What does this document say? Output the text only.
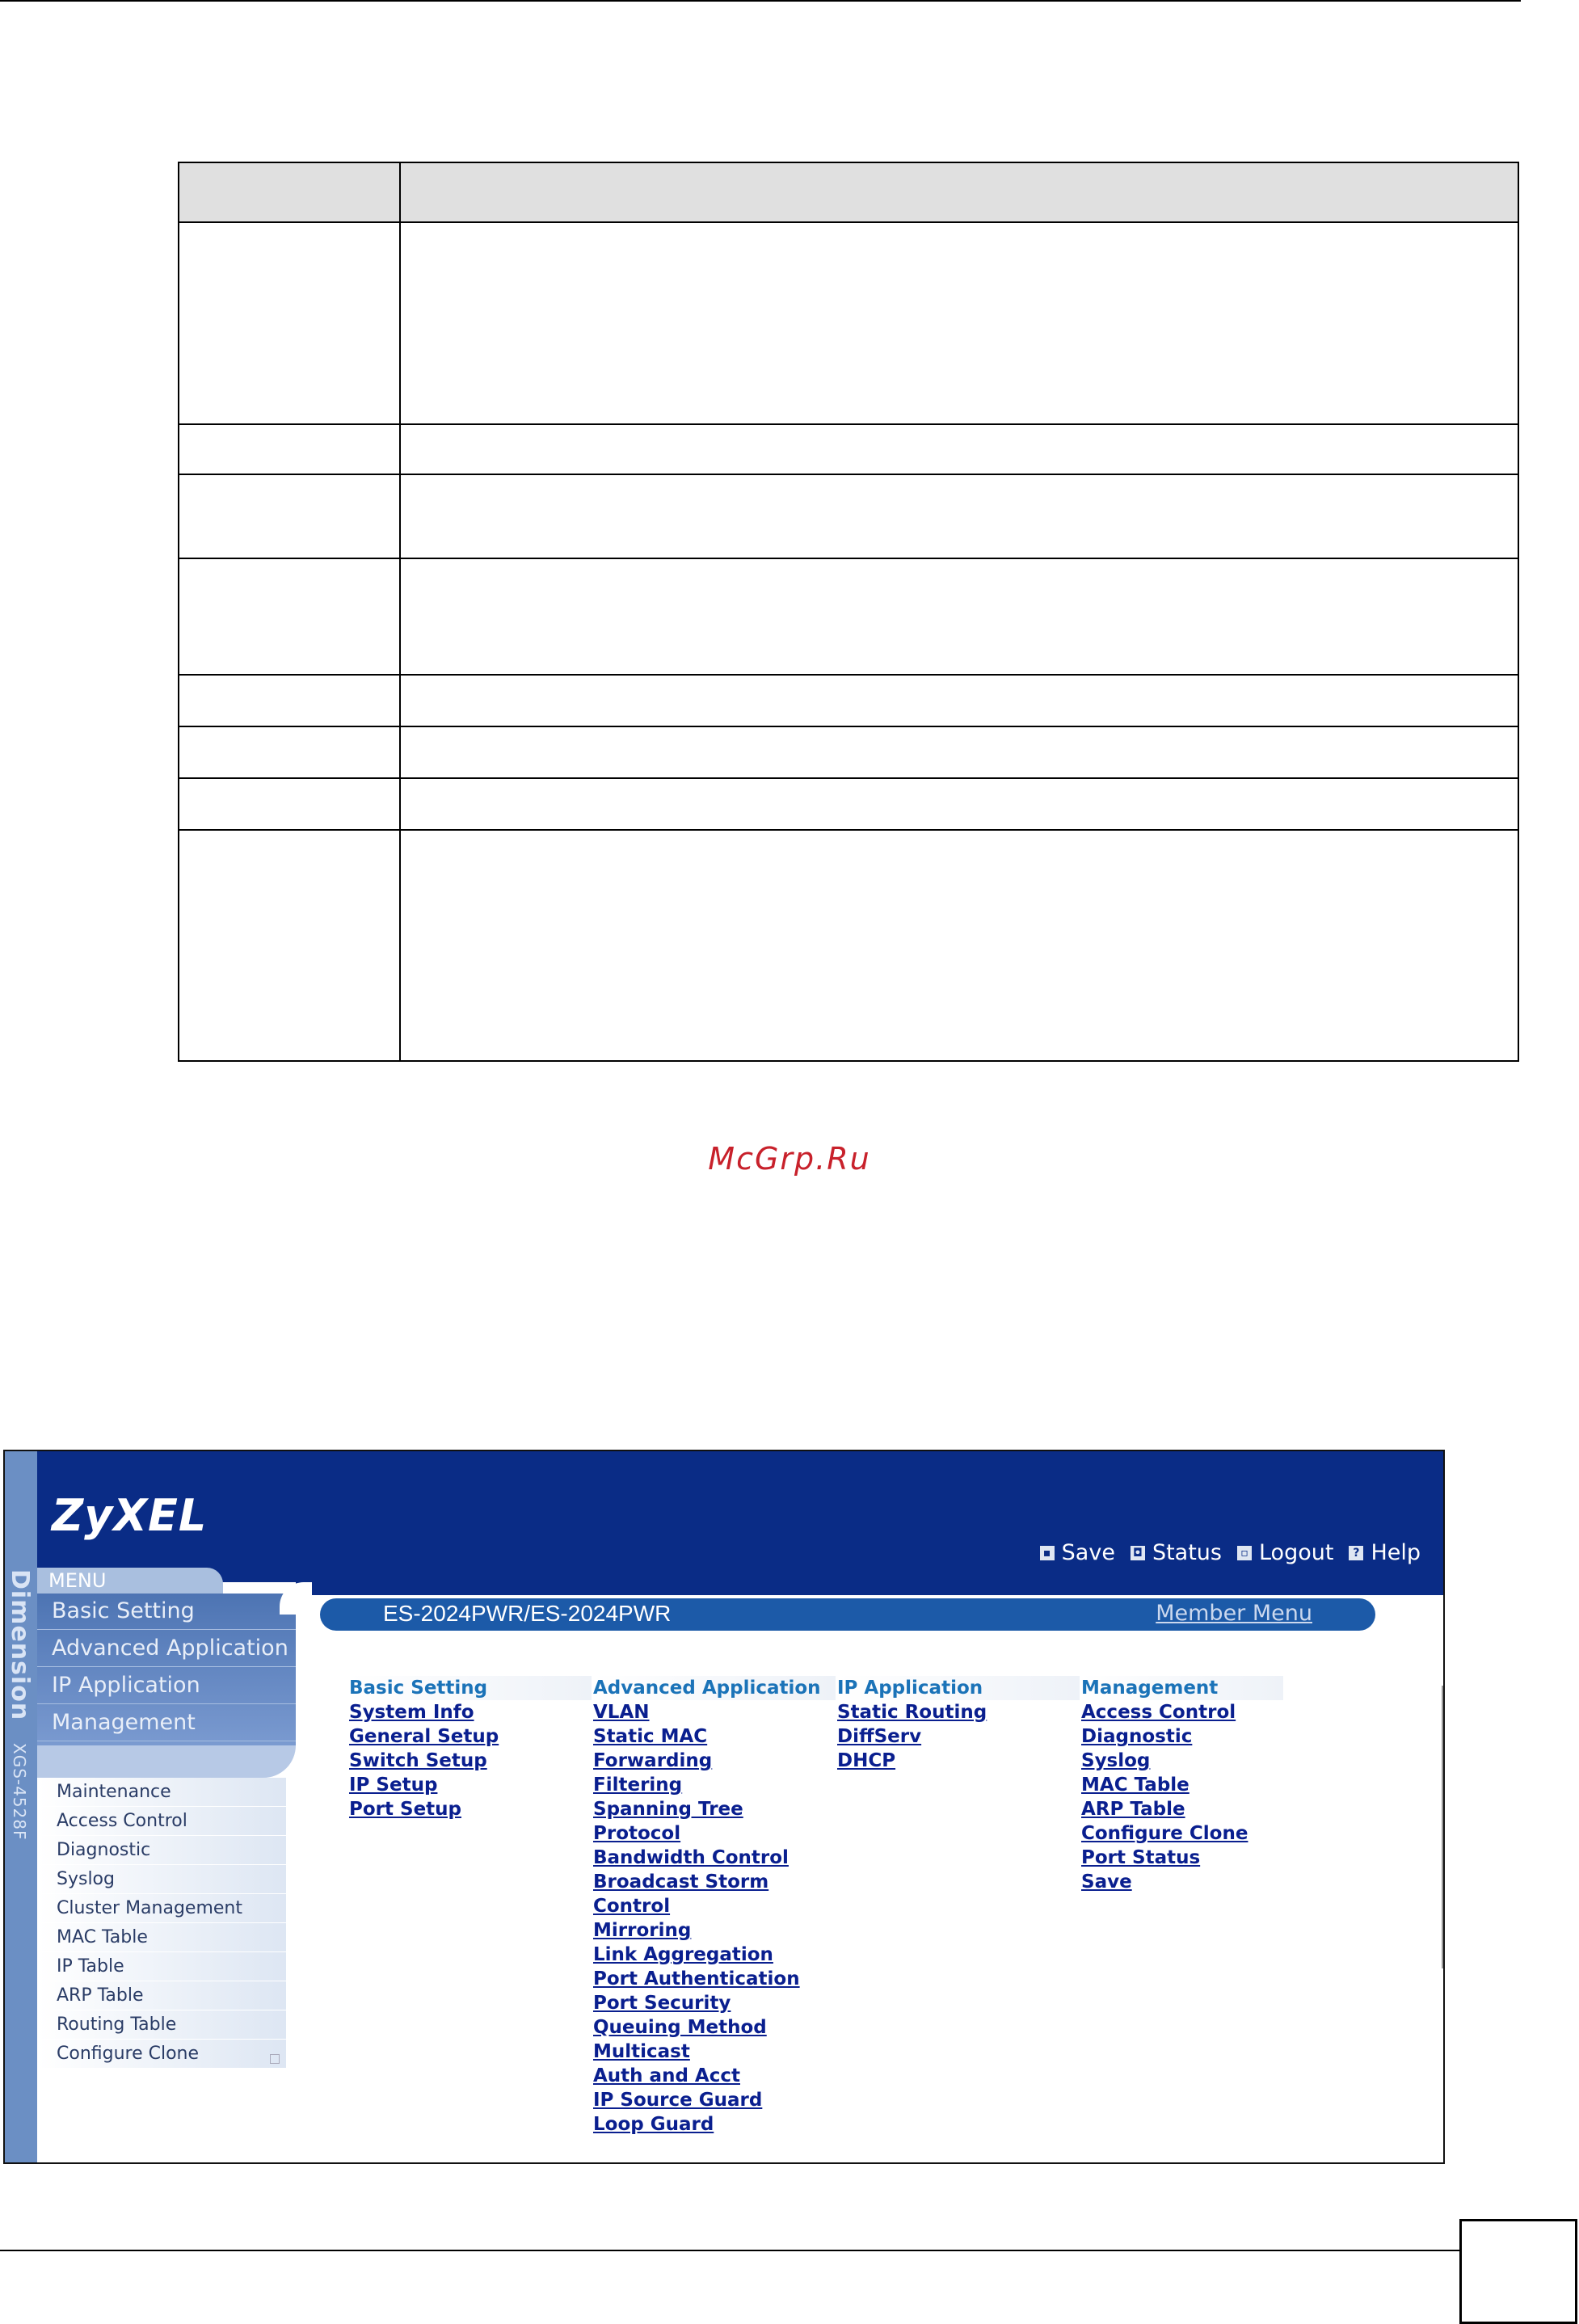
McGrp.Ru
Dimension XGS-4528F
ZyXEL
▪ Save ◘ Status	▫ Logout	? Help
MENU
Basic Setting
Advanced Application
IP Application
Management
Maintenance
Access Control
Diagnostic
Syslog
Cluster Management
MAC Table
IP Table
ARP Table
Routing Table
Configure Clone
ES-2024PWR/ES-2024PWR	Member Menu
Basic Setting
System Info
General Setup
Switch Setup
IP Setup
Port Setup
Advanced Application
VLAN
Static MAC
Forwarding
Filtering
Spanning Tree
Protocol
Bandwidth Control
Broadcast Storm
Control
Mirroring
Link Aggregation
Port Authentication
Port Security
Queuing Method
Multicast
Auth and Acct
IP Source Guard
Loop Guard
IP Application
Static Routing
DiffServ
DHCP
Management
Access Control
Diagnostic
Syslog
MAC Table
ARP Table
Configure Clone
Port Status
Save
